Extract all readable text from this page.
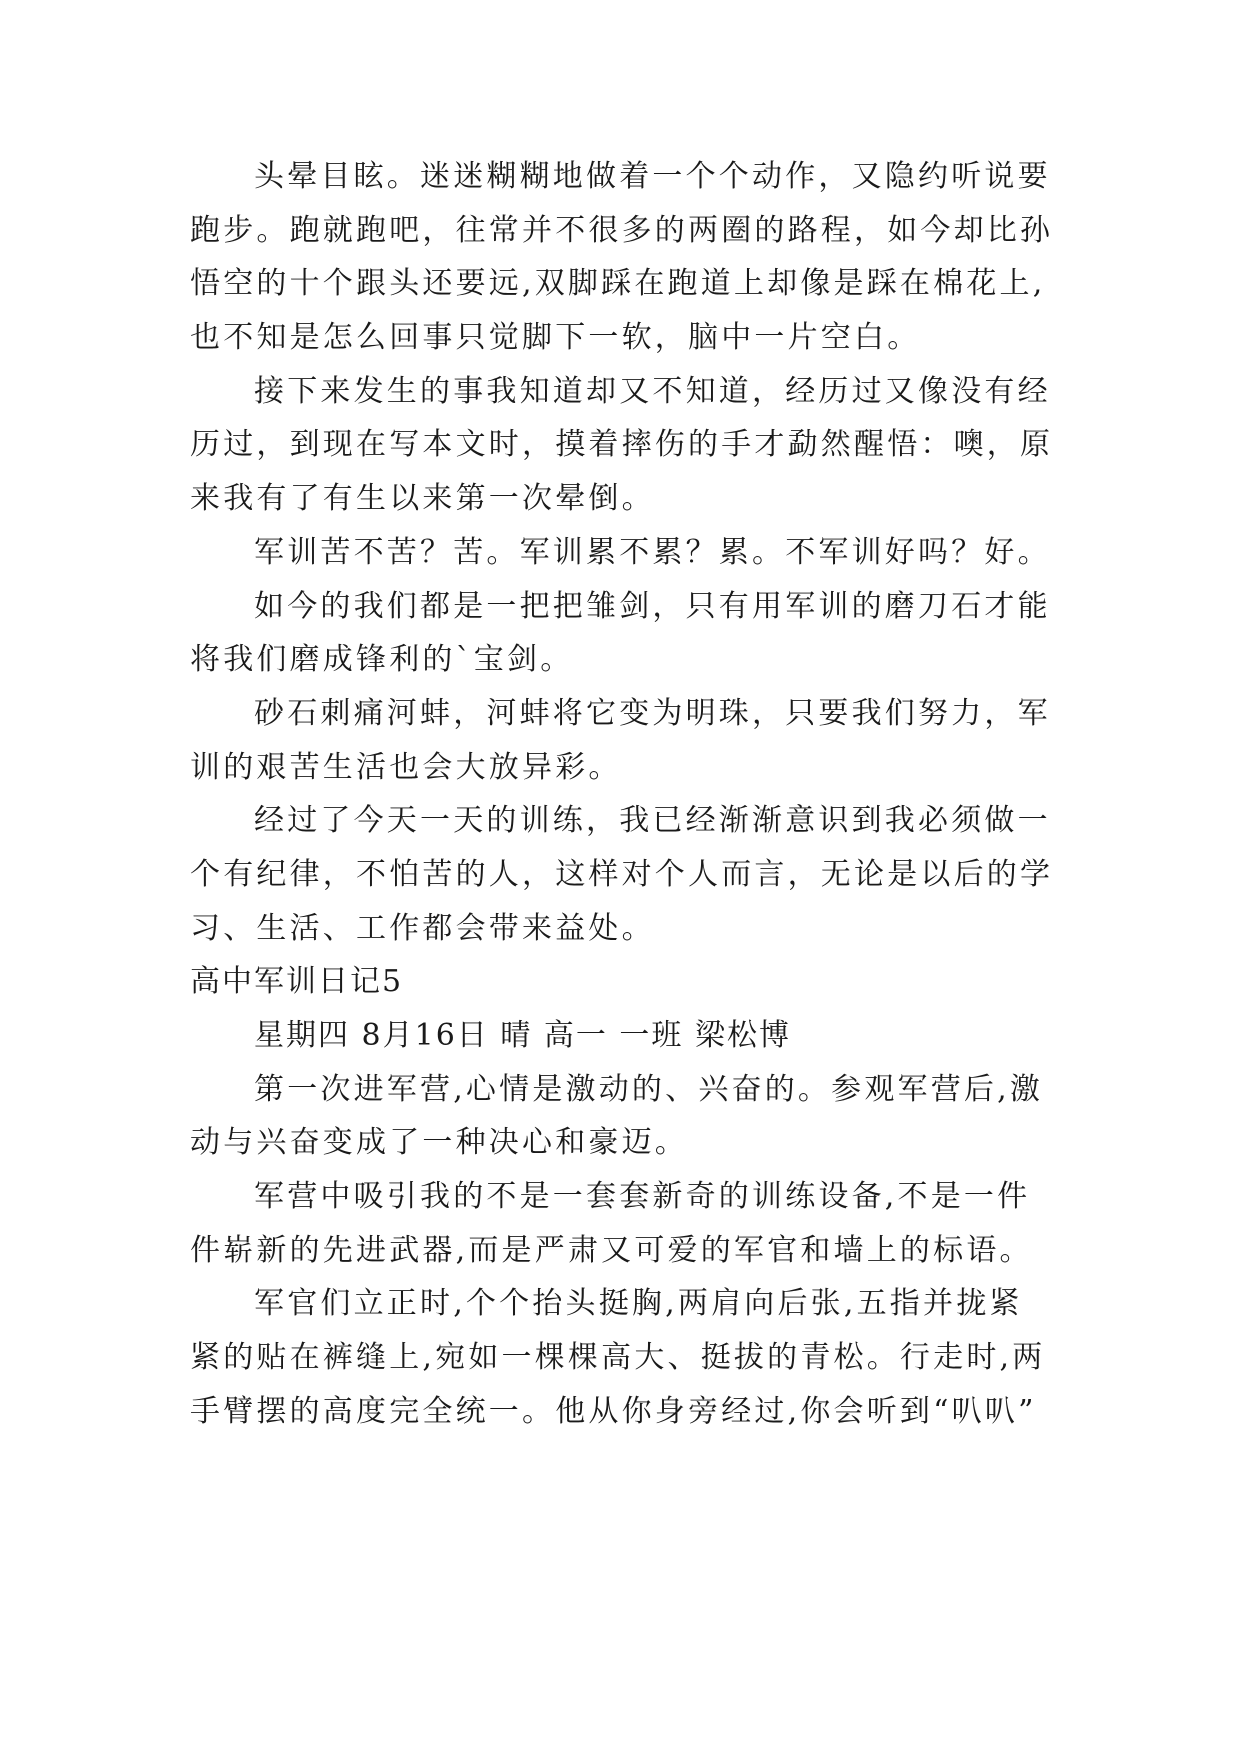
头晕目眩。迷迷糊糊地做着一个个动作，又隐约听说要
跑步。跑就跑吧，往常并不很多的两圈的路程，如今却比孙
悟空的十个跟头还要远,双脚踩在跑道上却像是踩在棉花上,
也不知是怎么回事只觉脚下一软，脑中一片空白。
接下来发生的事我知道却又不知道，经历过又像没有经
历过，到现在写本文时，摸着摔伤的手才勐然醒悟：噢，原
来我有了有生以来第一次晕倒。
军训苦不苦？苦。军训累不累？累。不军训好吗？好。
如今的我们都是一把把雏剑，只有用军训的磨刀石才能
将我们磨成锋利的`宝剑。
砂石刺痛河蚌，河蚌将它变为明珠，只要我们努力，军
训的艰苦生活也会大放异彩。
经过了今天一天的训练，我已经渐渐意识到我必须做一
个有纪律，不怕苦的人，这样对个人而言，无论是以后的学
习、生活、工作都会带来益处。
高中军训日记5
星期四 8月16日 晴 高一 一班 梁松博
第一次进军营,心情是激动的、兴奋的。参观军营后,激
动与兴奋变成了一种决心和豪迈。
军营中吸引我的不是一套套新奇的训练设备,不是一件
件崭新的先进武器,而是严肃又可爱的军官和墙上的标语。
军官们立正时,个个抬头挺胸,两肩向后张,五指并拢紧
紧的贴在裤缝上,宛如一棵棵高大、挺拔的青松。行走时,两
手臂摆的高度完全统一。他从你身旁经过,你会听到“叭叭”
